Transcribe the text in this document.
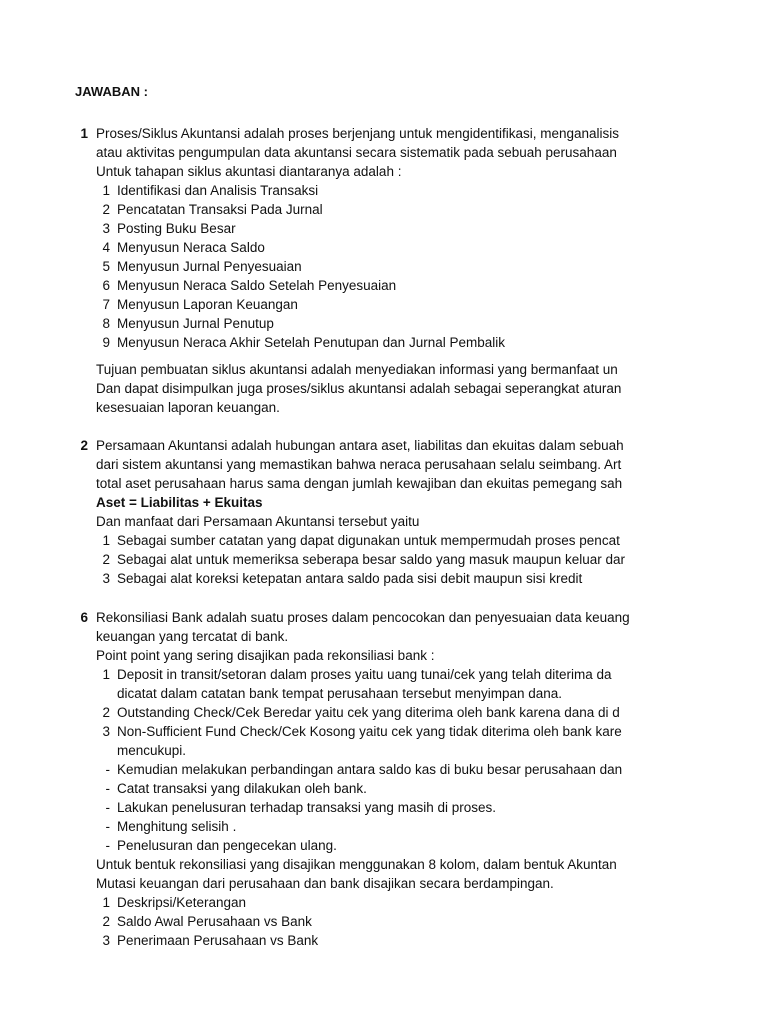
JAWABAN :
1 Proses/Siklus Akuntansi adalah proses berjenjang untuk mengidentifikasi, menganalisis
atau aktivitas pengumpulan data akuntansi secara sistematik pada sebuah perusahaan
Untuk tahapan siklus akuntasi diantaranya adalah :
1 Identifikasi dan Analisis Transaksi
2 Pencatatan Transaksi Pada Jurnal
3 Posting Buku Besar
4 Menyusun Neraca Saldo
5 Menyusun Jurnal Penyesuaian
6 Menyusun Neraca Saldo Setelah Penyesuaian
7 Menyusun Laporan Keuangan
8 Menyusun Jurnal Penutup
9 Menyusun Neraca Akhir Setelah Penutupan dan Jurnal Pembalik
Tujuan pembuatan siklus akuntansi adalah menyediakan informasi yang bermanfaat un
Dan dapat disimpulkan juga proses/siklus akuntansi adalah sebagai seperangkat aturan
kesesuaian laporan keuangan.
2 Persamaan Akuntansi adalah hubungan antara aset, liabilitas dan ekuitas dalam sebuah
dari sistem akuntansi yang memastikan bahwa neraca perusahaan selalu seimbang. Art
total aset perusahaan harus sama dengan jumlah kewajiban dan ekuitas pemegang sah
Aset = Liabilitas + Ekuitas
Dan manfaat dari Persamaan Akuntansi tersebut yaitu
1 Sebagai sumber catatan yang dapat digunakan untuk mempermudah proses pencat
2 Sebagai alat untuk memeriksa seberapa besar saldo yang masuk maupun keluar dar
3 Sebagai alat koreksi ketepatan antara saldo pada sisi debit maupun sisi kredit
6 Rekonsiliasi Bank adalah suatu proses dalam pencocokan dan penyesuaian data keuang
keuangan yang tercatat di bank.
Point point yang sering disajikan pada rekonsiliasi bank :
1 Deposit in transit/setoran dalam proses yaitu uang tunai/cek yang telah diterima da
dicatat dalam catatan bank tempat perusahaan tersebut menyimpan dana.
2 Outstanding Check/Cek Beredar yaitu cek yang diterima oleh bank karena dana di d
3 Non-Sufficient Fund Check/Cek Kosong yaitu cek yang tidak diterima oleh bank kare
mencukupi.
- Kemudian melakukan perbandingan antara saldo kas di buku besar perusahaan dan
- Catat transaksi yang dilakukan oleh bank.
- Lakukan penelusuran terhadap transaksi yang masih di proses.
- Menghitung selisih .
- Penelusuran dan pengecekan ulang.
Untuk bentuk rekonsiliasi yang disajikan menggunakan 8 kolom, dalam bentuk Akuntan
Mutasi keuangan dari perusahaan dan bank disajikan secara berdampingan.
1 Deskripsi/Keterangan
2 Saldo Awal Perusahaan vs Bank
3 Penerimaan Perusahaan vs Bank
